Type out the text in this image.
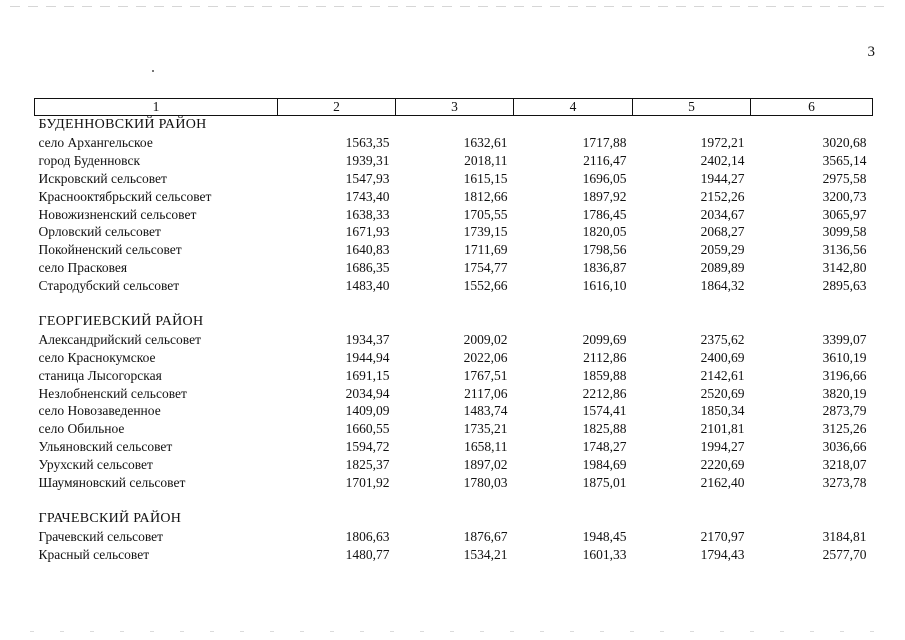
3
1	2	3	4	5	6
БУДЕННОВСКИЙ РАЙОН					
село Архангельское	1563,35	1632,61	1717,88	1972,21	3020,68
город Буденновск	1939,31	2018,11	2116,47	2402,14	3565,14
Искровский сельсовет	1547,93	1615,15	1696,05	1944,27	2975,58
Краснооктябрьский сельсовет	1743,40	1812,66	1897,92	2152,26	3200,73
Новожизненский сельсовет	1638,33	1705,55	1786,45	2034,67	3065,97
Орловский сельсовет	1671,93	1739,15	1820,05	2068,27	3099,58
Покойненский сельсовет	1640,83	1711,69	1798,56	2059,29	3136,56
село Прасковея	1686,35	1754,77	1836,87	2089,89	3142,80
Стародубский сельсовет	1483,40	1552,66	1616,10	1864,32	2895,63

ГЕОРГИЕВСКИЙ РАЙОН					
Александрийский сельсовет	1934,37	2009,02	2099,69	2375,62	3399,07
село Краснокумское	1944,94	2022,06	2112,86	2400,69	3610,19
станица Лысогорская	1691,15	1767,51	1859,88	2142,61	3196,66
Незлобненский сельсовет	2034,94	2117,06	2212,86	2520,69	3820,19
село Новозаведенное	1409,09	1483,74	1574,41	1850,34	2873,79
село Обильное	1660,55	1735,21	1825,88	2101,81	3125,26
Ульяновский сельсовет	1594,72	1658,11	1748,27	1994,27	3036,66
Урухский сельсовет	1825,37	1897,02	1984,69	2220,69	3218,07
Шаумяновский сельсовет	1701,92	1780,03	1875,01	2162,40	3273,78

ГРАЧЕВСКИЙ РАЙОН					
Грачевский сельсовет	1806,63	1876,67	1948,45	2170,97	3184,81
Красный сельсовет	1480,77	1534,21	1601,33	1794,43	2577,70
